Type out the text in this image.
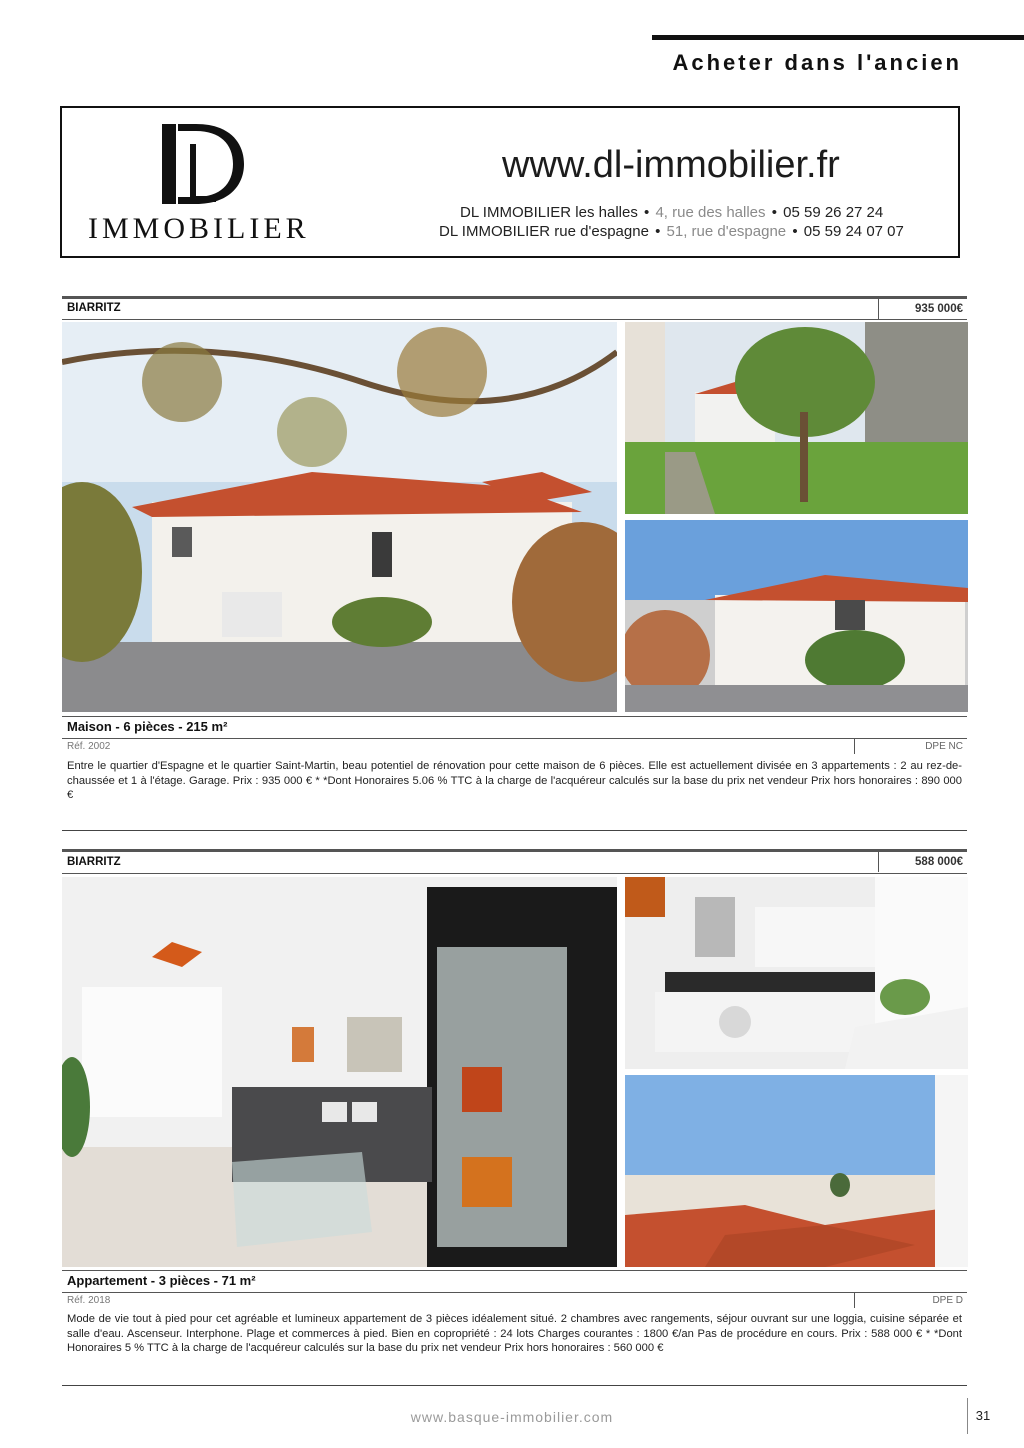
Acheter dans l'ancien
IMMOBILIER
www.dl-immobilier.fr
DL IMMOBILIER les halles • 4, rue des halles • 05 59 26 27 24
DL IMMOBILIER rue d'espagne • 51, rue d'espagne • 05 59 24 07 07
BIARRITZ	935 000€
Maison - 6 pièces - 215 m²
Réf. 2002	DPE NC
Entre le quartier d'Espagne et le quartier Saint-Martin, beau potentiel de rénovation pour cette maison de 6 pièces. Elle est actuellement divisée en 3 appartements : 2 au rez-de-chaussée et 1 à l'étage. Garage. Prix : 935 000 € * *Dont Honoraires 5.06 % TTC à la charge de l'acquéreur calculés sur la base du prix net vendeur Prix hors honoraires : 890 000 €
BIARRITZ	588 000€
Appartement - 3 pièces - 71 m²
Réf. 2018	DPE D
Mode de vie tout à pied pour cet agréable et lumineux appartement de 3 pièces idéalement situé. 2 chambres avec rangements, séjour ouvrant sur une loggia, cuisine séparée et salle d'eau. Ascenseur. Interphone. Plage et commerces à pied. Bien en copropriété : 24 lots Charges courantes : 1800 €/an Pas de procédure en cours. Prix : 588 000 € * *Dont Honoraires 5 % TTC à la charge de l'acquéreur calculés sur la base du prix net vendeur Prix hors honoraires : 560 000 €
www.basque-immobilier.com	31
